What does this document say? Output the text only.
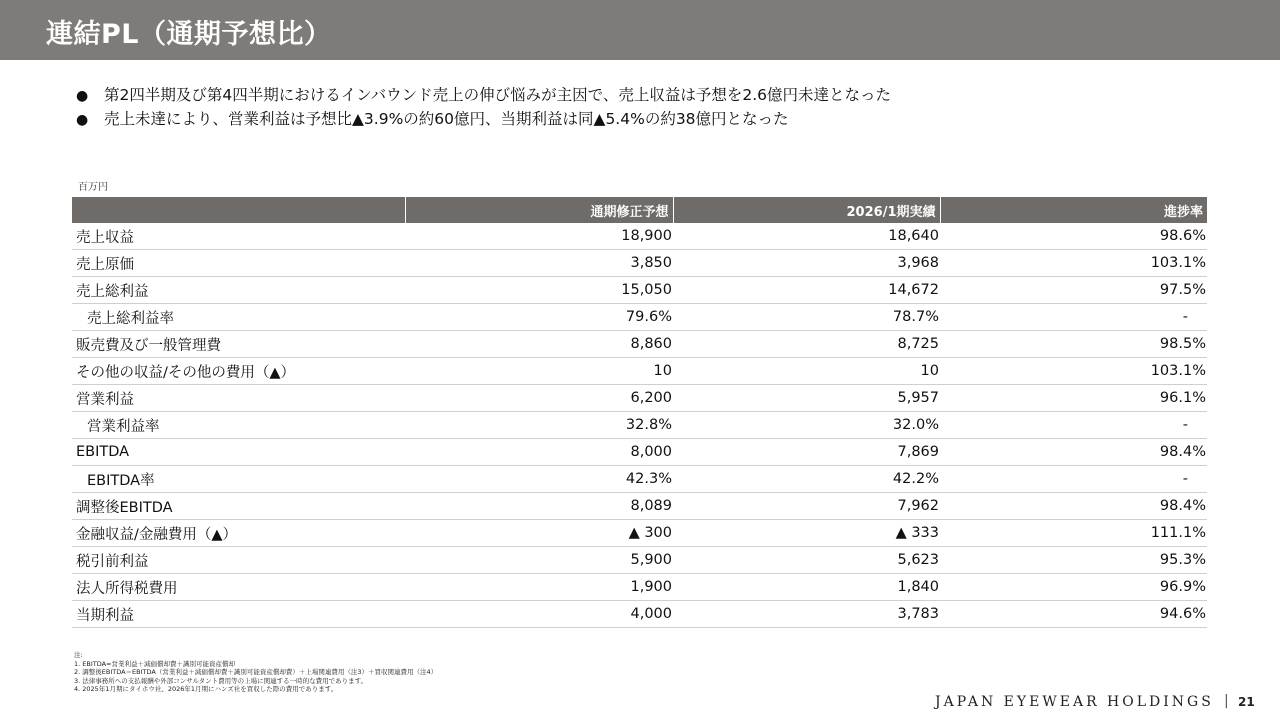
連結PL（通期予想比）
● 第2四半期及び第4四半期におけるインバウンド売上の伸び悩みが主因で、売上収益は予想を2.6億円未達となった
● 売上未達により、営業利益は予想比▲3.9%の約60億円、当期利益は同▲5.4%の約38億円となった
百万円
	通期修正予想	2026/1期実績	進捗率
売上収益	18,900	18,640	98.6%
売上原価	3,850	3,968	103.1%
売上総利益	15,050	14,672	97.5%
売上総利益率	79.6%	78.7%	-
販売費及び一般管理費	8,860	8,725	98.5%
その他の収益/その他の費用（▲）	10	10	103.1%
営業利益	6,200	5,957	96.1%
営業利益率	32.8%	32.0%	-
EBITDA	8,000	7,869	98.4%
EBITDA率	42.3%	42.2%	-
調整後EBITDA	8,089	7,962	98.4%
金融収益/金融費用（▲）	▲ 300	▲ 333	111.1%
税引前利益	5,900	5,623	95.3%
法人所得税費用	1,900	1,840	96.9%
当期利益	4,000	3,783	94.6%
注:
1. EBITDA=営業利益＋減価償却費＋識別可能資産償却
2. 調整後EBITDA＝EBITDA（営業利益＋減価償却費＋識別可能資産償却費）＋上場関連費用（注3）＋買収関連費用（注4）
3. 法律事務所への支払報酬や外部コンサルタント費用等の上場に関連する一時的な費用であります。
4. 2025年1月期にタイホウ社、2026年1月期にハンズ社を買収した際の費用であります。
JAPAN EYEWEAR HOLDINGS | 21
